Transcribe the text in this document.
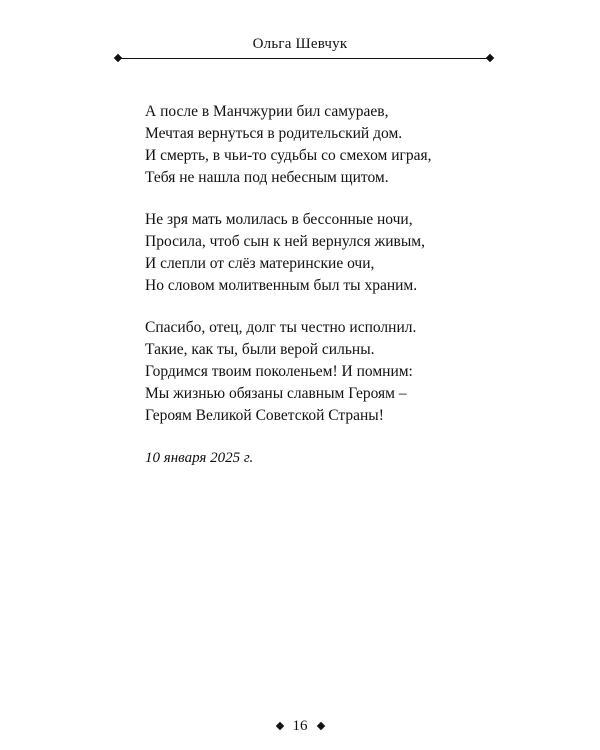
Ольга Шевчук
А после в Манчжурии бил самураев,
Мечтая вернуться в родительский дом.
И смерть, в чьи-то судьбы со смехом играя,
Тебя не нашла под небесным щитом.
Не зря мать молилась в бессонные ночи,
Просила, чтоб сын к ней вернулся живым,
И слепли от слёз материнские очи,
Но словом молитвенным был ты храним.
Спасибо, отец, долг ты честно исполнил.
Такие, как ты, были верой сильны.
Гордимся твоим поколеньем! И помним:
Мы жизнью обязаны славным Героям –
Героям Великой Советской Страны!
10 января 2025 г.
16
